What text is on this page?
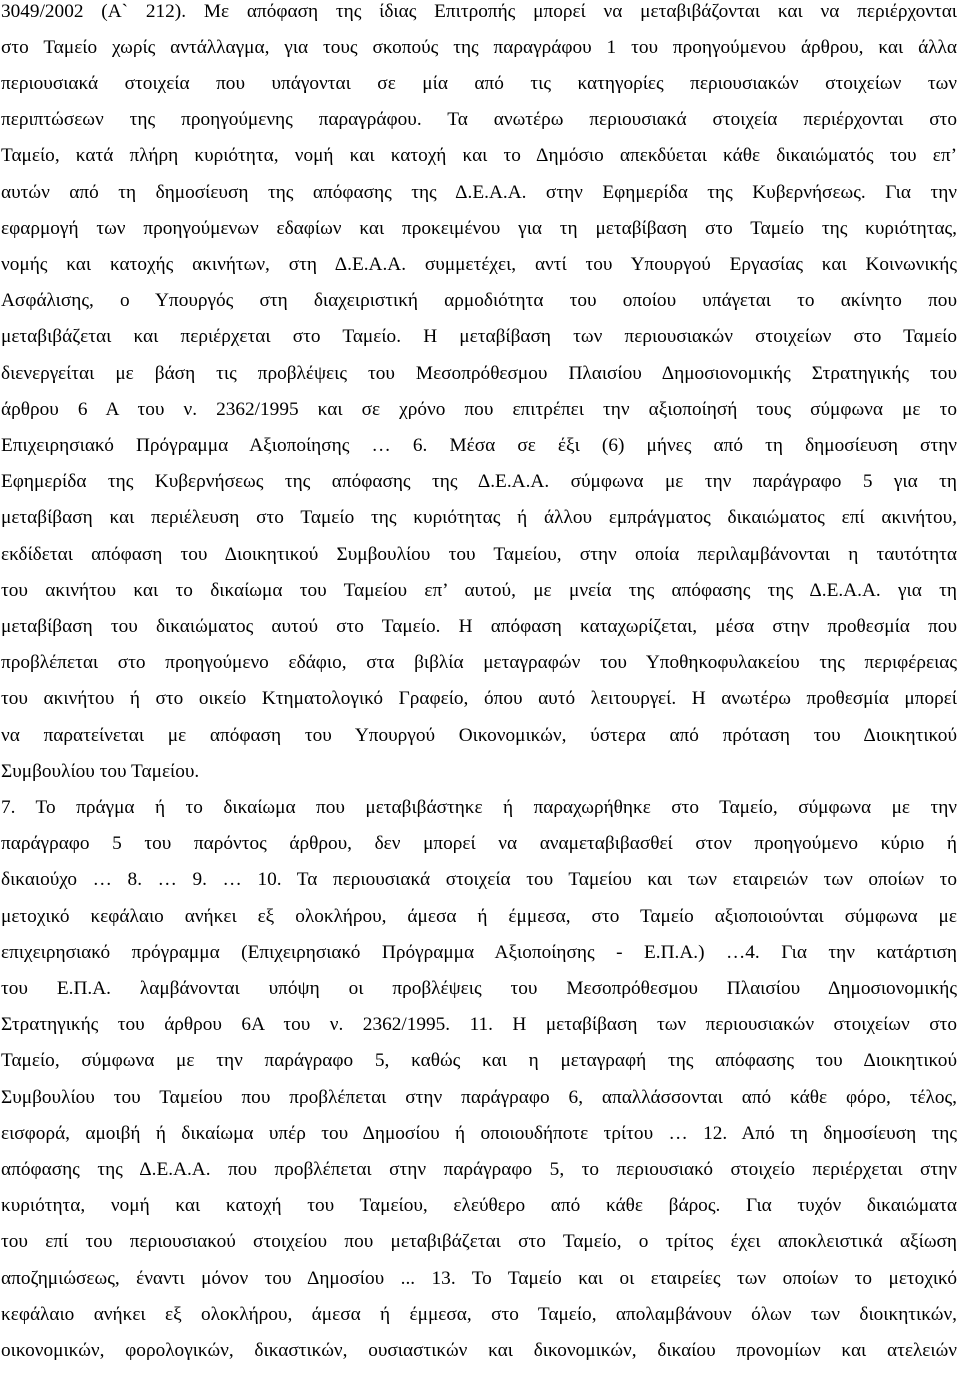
3049/2002 (Α` 212). Με απόφαση της ίδιας Επιτροπής μπορεί να μεταβιβάζονται και να περιέρχονται
στο Ταμείο χωρίς αντάλλαγμα, για τους σκοπούς της παραγράφου 1 του προηγούμενου άρθρου, και άλλα
περιουσιακά στοιχεία που υπάγονται σε μία από τις κατηγορίες περιουσιακών στοιχείων των
περιπτώσεων της προηγούμενης παραγράφου. Τα ανωτέρω περιουσιακά στοιχεία περιέρχονται στο
Ταμείο, κατά πλήρη κυριότητα, νομή και κατοχή και το Δημόσιο απεκδύεται κάθε δικαιώματός του επ’
αυτών από τη δημοσίευση της απόφασης της Δ.Ε.Α.Α. στην Εφημερίδα της Κυβερνήσεως. Για την
εφαρμογή των προηγούμενων εδαφίων και προκειμένου για τη μεταβίβαση στο Ταμείο της κυριότητας,
νομής και κατοχής ακινήτων, στη Δ.Ε.Α.Α. συμμετέχει, αντί του Υπουργού Εργασίας και Κοινωνικής
Ασφάλισης, ο Υπουργός στη διαχειριστική αρμοδιότητα του οποίου υπάγεται το ακίνητο που
μεταβιβάζεται και περιέρχεται στο Ταμείο. Η μεταβίβαση των περιουσιακών στοιχείων στο Ταμείο
διενεργείται με βάση τις προβλέψεις του Μεσοπρόθεσμου Πλαισίου Δημοσιονομικής Στρατηγικής του
άρθρου 6 Α του ν. 2362/1995 και σε χρόνο που επιτρέπει την αξιοποίησή τους σύμφωνα με το
Επιχειρησιακό Πρόγραμμα Αξιοποίησης … 6. Μέσα σε έξι (6) μήνες από τη δημοσίευση στην
Εφημερίδα της Κυβερνήσεως της απόφασης της Δ.Ε.Α.Α. σύμφωνα με την παράγραφο 5 για τη
μεταβίβαση και περιέλευση στο Ταμείο της κυριότητας ή άλλου εμπράγματος δικαιώματος επί ακινήτου,
εκδίδεται απόφαση του Διοικητικού Συμβουλίου του Ταμείου, στην οποία περιλαμβάνονται η ταυτότητα
του ακινήτου και το δικαίωμα του Ταμείου επ’ αυτού, με μνεία της απόφασης της Δ.Ε.Α.Α. για τη
μεταβίβαση του δικαιώματος αυτού στο Ταμείο. Η απόφαση καταχωρίζεται, μέσα στην προθεσμία που
προβλέπεται στο προηγούμενο εδάφιο, στα βιβλία μεταγραφών του Υποθηκοφυλακείου της περιφέρειας
του ακινήτου ή στο οικείο Κτηματολογικό Γραφείο, όπου αυτό λειτουργεί. Η ανωτέρω προθεσμία μπορεί
να παρατείνεται με απόφαση του Υπουργού Οικονομικών, ύστερα από πρόταση του Διοικητικού
Συμβουλίου του Ταμείου.
7. Το πράγμα ή το δικαίωμα που μεταβιβάστηκε ή παραχωρήθηκε στο Ταμείο, σύμφωνα με την
παράγραφο 5 του παρόντος άρθρου, δεν μπορεί να αναμεταβιβασθεί στον προηγούμενο κύριο ή
δικαιούχο … 8. … 9. … 10. Τα περιουσιακά στοιχεία του Ταμείου και των εταιρειών των οποίων το
μετοχικό κεφάλαιο ανήκει εξ ολοκλήρου, άμεσα ή έμμεσα, στο Ταμείο αξιοποιούνται σύμφωνα με
επιχειρησιακό πρόγραμμα (Επιχειρησιακό Πρόγραμμα Αξιοποίησης - Ε.Π.Α.) …4. Για την κατάρτιση
του Ε.Π.Α. λαμβάνονται υπόψη οι προβλέψεις του Μεσοπρόθεσμου Πλαισίου Δημοσιονομικής
Στρατηγικής του άρθρου 6Α του ν. 2362/1995. 11. Η μεταβίβαση των περιουσιακών στοιχείων στο
Ταμείο, σύμφωνα με την παράγραφο 5, καθώς και η μεταγραφή της απόφασης του Διοικητικού
Συμβουλίου του Ταμείου που προβλέπεται στην παράγραφο 6, απαλλάσσονται από κάθε φόρο, τέλος,
εισφορά, αμοιβή ή δικαίωμα υπέρ του Δημοσίου ή οποιουδήποτε τρίτου … 12. Από τη δημοσίευση της
απόφασης της Δ.Ε.Α.Α. που προβλέπεται στην παράγραφο 5, το περιουσιακό στοιχείο περιέρχεται στην
κυριότητα, νομή και κατοχή του Ταμείου, ελεύθερο από κάθε βάρος. Για τυχόν δικαιώματα
του επί του περιουσιακού στοιχείου που μεταβιβάζεται στο Ταμείο, ο τρίτος έχει αποκλειστικά αξίωση
αποζημιώσεως, έναντι μόνον του Δημοσίου ... 13. Το Ταμείο και οι εταιρείες των οποίων το μετοχικό
κεφάλαιο ανήκει εξ ολοκλήρου, άμεσα ή έμμεσα, στο Ταμείο, απολαμβάνουν όλων των διοικητικών,
οικονομικών, φορολογικών, δικαστικών, ουσιαστικών και δικονομικών, δικαίου προνομίων και ατελειών
